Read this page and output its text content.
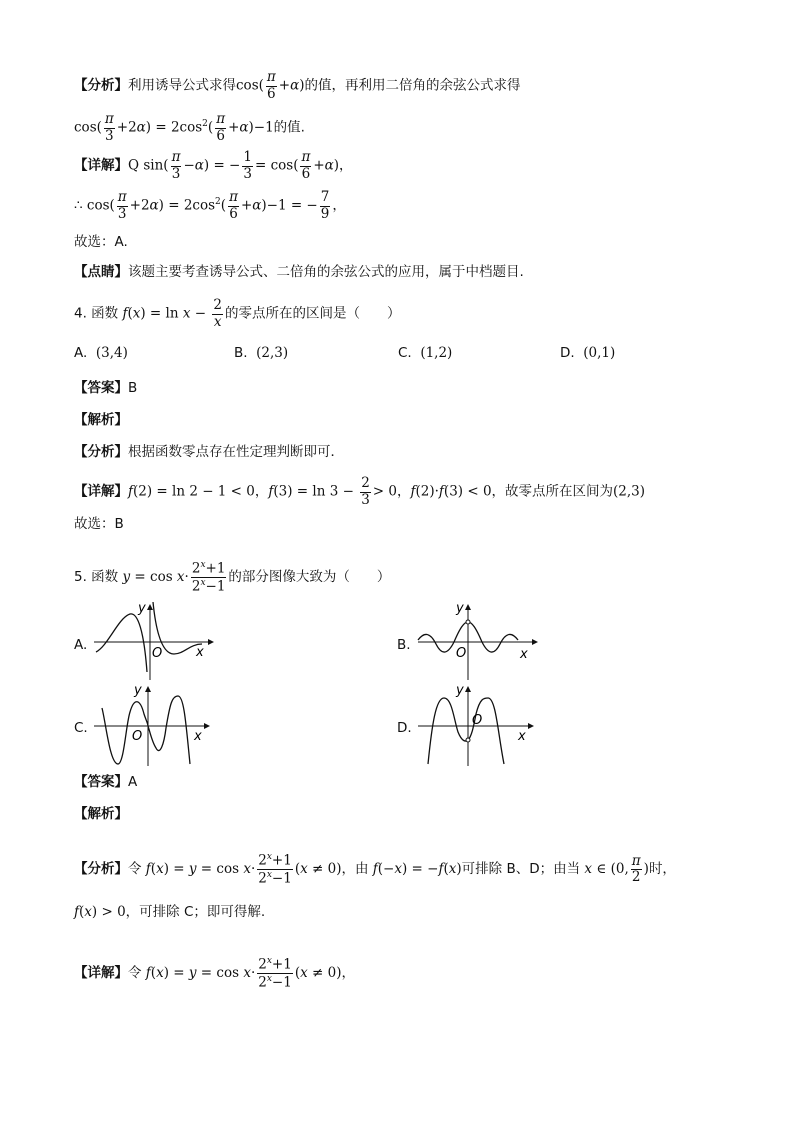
【分析】利用诱导公式求得$\cos( \frac{\pi}{6} +\alpha)$的值，再利用二倍角的余弦公式求得
$\cos( \frac{\pi}{3} +2\alpha) = 2\cos^2( \frac{\pi}{6} +\alpha)-1$的值.
【详解】Q $\sin( \frac{\pi}{3} -\alpha)$ = − $\frac{1}{3} = \cos( \frac{\pi}{6} +\alpha)$，
∴ $\cos( \frac{\pi}{3} +2\alpha) = 2\cos^2( \frac{\pi}{6} +\alpha)-1$ = − $\frac{7}{9}$ ，
故选：A.
【点睛】该题主要考查诱导公式、二倍角的余弦公式的应用，属于中档题目.
4. 函数 $f(x) = \ln x - \frac{2}{x}$ 的零点所在的区间是（　　）
A. (3,4)	B. (2,3)	C. (1,2)	D. (0,1)
【答案】B
【解析】
【分析】根据函数零点存在性定理判断即可．
【详解】f(2) = ln 2 − 1 < 0，$f(3) = \ln 3 - \frac{2}{3} > 0$，f(2)·f(3) < 0，故零点所在区间为(2,3)
故选：B
5. 函数 $y = \cos x\cdot \frac{2^x+1}{2^x-1}$ 的部分图像大致为（　　）
A.
y
O	x	B.
y
O	x
C.
y
O	x
D.
y
O
x
【答案】A
【解析】
【分析】令 $f(x) = y = \cos x\cdot \frac{2^x+1}{2^x-1} (x \ne 0)$，由 f(−x) = −f(x)可排除 B、D；由当 x ∈ (0, $\frac{\pi}{2}$ )时，
f(x) > 0，可排除 C；即可得解.
【详解】令 $f(x) = y = \cos x\cdot \frac{2^x+1}{2^x-1} (x \ne 0)$，
